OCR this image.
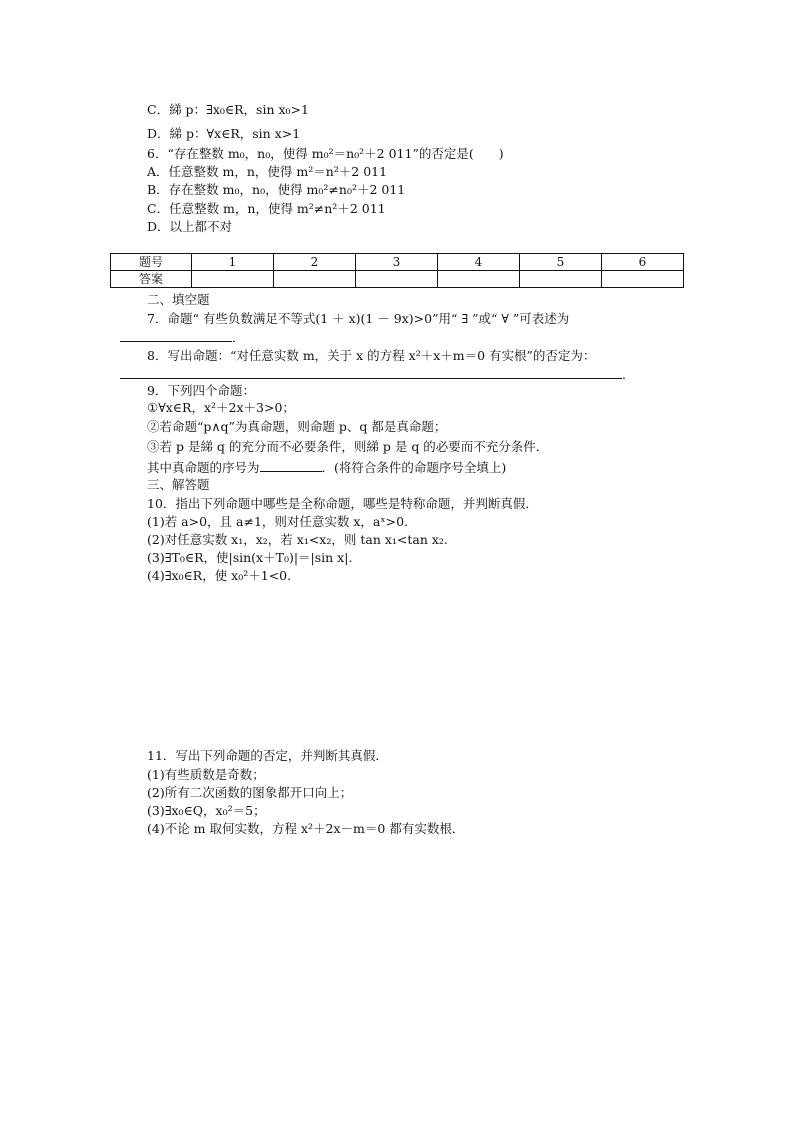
C．綈 p：∃x₀∈R，sin x₀>1
D．綈 p：∀x∈R，sin x>1
6．“存在整数 m₀，n₀，使得 m₀²＝n₀²＋2 011”的否定是(　　)
A．任意整数 m，n，使得 m²＝n²＋2 011
B．存在整数 m₀，n₀，使得 m₀²≠n₀²＋2 011
C．任意整数 m，n，使得 m²≠n²＋2 011
D．以上都不对
题号	1	2	3	4	5	6
答案						
二、填空题
7．命题“ 有些负数满足不等式(1 ＋ x)(1 － 9x)>0”用“ ∃ ”或“ ∀ ”可表述为
．
8．写出命题：“对任意实数 m，关于 x 的方程 x²＋x＋m＝0 有实根”的否定为：
.
9．下列四个命题：
①∀x∈R，x²＋2x＋3>0；
②若命题“p∧q”为真命题，则命题 p、q 都是真命题；
③若 p 是綈 q 的充分而不必要条件，则綈 p 是 q 的必要而不充分条件．
其中真命题的序号为	．(将符合条件的命题序号全填上)
三、解答题
10．指出下列命题中哪些是全称命题，哪些是特称命题，并判断真假．
(1)若 a>0，且 a≠1，则对任意实数 x，aˣ>0.
(2)对任意实数 x₁，x₂，若 x₁<x₂，则 tan x₁<tan x₂.
(3)∃T₀∈R，使|sin(x＋T₀)|＝|sin x|.
(4)∃x₀∈R，使 x₀²＋1<0.
11．写出下列命题的否定，并判断其真假．
(1)有些质数是奇数；
(2)所有二次函数的图象都开口向上；
(3)∃x₀∈Q，x₀²＝5；
(4)不论 m 取何实数，方程 x²＋2x－m＝0 都有实数根．
